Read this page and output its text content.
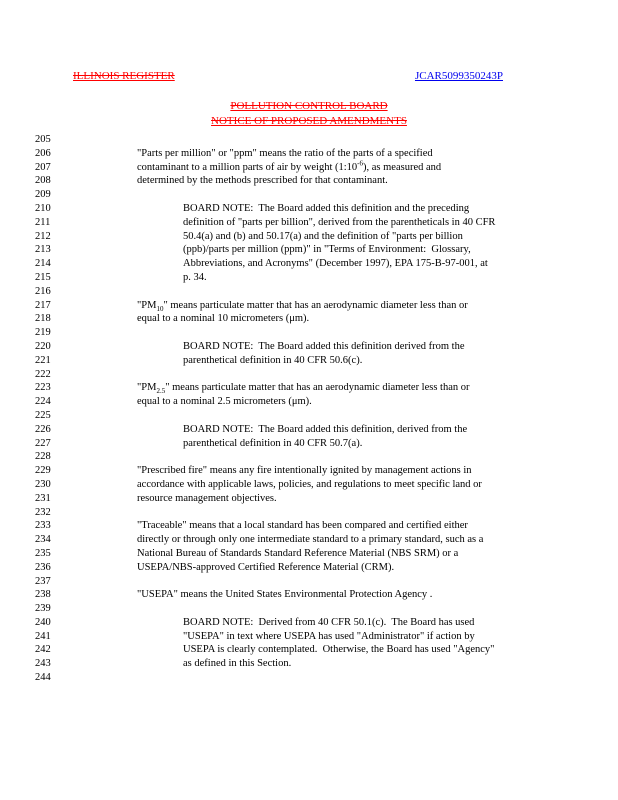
ILLINOIS REGISTER	JCAR5099350243P
POLLUTION CONTROL BOARD
NOTICE OF PROPOSED AMENDMENTS
205
206	"Parts per million" or "ppm" means the ratio of the parts of a specified
207	contaminant to a million parts of air by weight $(1:10^{-6})$, as measured and
208	determined by the methods prescribed for that contaminant.
209
210	BOARD NOTE:  The Board added this definition and the preceding
211	definition of "parts per billion", derived from the parentheticals in 40 CFR
212	50.4(a) and (b) and 50.17(a) and the definition of "parts per billion
213	(ppb)/parts per million (ppm)" in "Terms of Environment:  Glossary,
214	Abbreviations, and Acronyms" (December 1997), EPA 175-B-97-001, at
215	p. 34.
216
217	"$PM_{10}$" means particulate matter that has an aerodynamic diameter less than or
218	equal to a nominal 10 micrometers (μm).
219
220	BOARD NOTE:  The Board added this definition derived from the
221	parenthetical definition in 40 CFR 50.6(c).
222
223	"$PM_{2.5}$" means particulate matter that has an aerodynamic diameter less than or
224	equal to a nominal 2.5 micrometers (μm).
225
226	BOARD NOTE:  The Board added this definition, derived from the
227	parenthetical definition in 40 CFR 50.7(a).
228
229	"Prescribed fire" means any fire intentionally ignited by management actions in
230	accordance with applicable laws, policies, and regulations to meet specific land or
231	resource management objectives.
232
233	"Traceable" means that a local standard has been compared and certified either
234	directly or through only one intermediate standard to a primary standard, such as a
235	National Bureau of Standards Standard Reference Material (NBS SRM) or a
236	USEPA/NBS-approved Certified Reference Material (CRM).
237
238	"USEPA" means the United States Environmental Protection Agency .
239
240	BOARD NOTE:  Derived from 40 CFR 50.1(c).  The Board has used
241	"USEPA" in text where USEPA has used "Administrator" if action by
242	USEPA is clearly contemplated.  Otherwise, the Board has used "Agency"
243	as defined in this Section.
244
